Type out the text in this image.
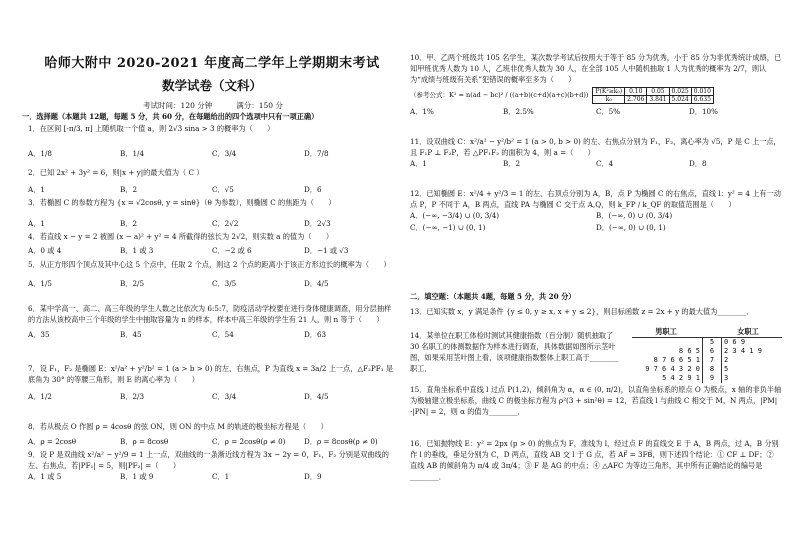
哈师大附中 2020-2021 年度高二学年上学期期末考试
数学试卷（文科）
考试时间：120 分钟	满分：150 分
一．选择题（本题共 12题，每题 5 分，共 60 分，在每题给出的四个选项中只有一项正确）
1．在区间 [-π/3, π] 上随机取一个值 a，则 2√3 sina > 3 的概率为（　　）
A．1/8	B．1/4	C．3/4	D．7/8
2．已知 2x² + 3y² = 6，则|x + y|的最大值为（ C ）
A．1	B．2	C．√5	D．6
3．若椭圆 C 的参数方程为 {x = √2cosθ, y = sinθ}（θ 为参数），则椭圆 C 的焦距为（　　）
A．1	B．2	C．2√2	D．2√3
4．若直线 x − y = 2 被圆 (x − a)² + y² = 4 所截得的弦长为 2√2，则实数 a 的值为（　　）
A．0 或 4	B．1 或 3	C．−2 或 6	D．−1 或 √3
5．从正方形四个顶点及其中心这 5 个点中，任取 2 个点，则这 2 个点的距离小于该正方形边长的概率为（　　）
A．1/5	B．2/5	C．3/5	D．4/5
6．某中学高一、高二、高三年级的学生人数之比依次为 6:5:7，防疫活动学校要在进行身体健康调查，用分层抽样的方法从该校高中三个年级的学生中抽取容量为 n 的样本，样本中高三年级的学生有 21 人，则 n 等于（　　）
A．35	B．45	C．54	D．63
7．设 F₁，F₂ 是椭圆 E：x²/a² + y²/b² = 1 (a > b > 0) 的左、右焦点，P 为直线 x = 3a/2 上一点，△F₂PF₁ 是底角为 30° 的等腰三角形，则 E 的离心率为（　　）
A．1/2	B．2/3	C．3/4	D．4/5
8．若从极点 O 作圆 ρ = 4cosθ 的弦 ON，则 ON 的中点 M 的轨迹的极坐标方程是（　　）
A．ρ = 2cosθ	B．ρ = 8cosθ	C．ρ = 2cosθ(ρ ≠ 0)	D．ρ = 8cosθ(ρ ≠ 0)
9．设 P 是双曲线 x²/a² − y²/9 = 1 上一点，双曲线的一条渐近线方程为 3x − 2y = 0，F₁，F₂ 分别是双曲线的左、右焦点，若|PF₁| = 5，则|PF₂| =（　　）
A．1 或 5	B．1 或 9	C．1	D．9
10．甲、乙两个班级共 105 名学生，某次数学考试后按照大于等于 85 分为优秀，小于 85 分为非优秀统计成绩，已知甲班优秀人数为 10 人，乙班非优秀人数为 30 人，在全部 105 人中随机抽取 1 人为优秀的概率为 2/7，则认为“成绩与班级有关系”犯错误的概率至多为（　　）
（参考公式：K² = n(ad − bc)² / ((a+b)(c+d)(a+c)(b+d)) P(K²≥k₀)	0.10	0.05	0.025	0.010
k₀	2.706	3.841	5.024	6.635
A．1%	B．2.5%	C．5%	D．10%
11．设双曲线 C：x²/a² − y²/b² = 1 (a > 0, b > 0) 的左、右焦点分别为 F₁，F₂，离心率为 √5，P 是 C 上一点，且 F₁P ⊥ F₂P，若 △PF₁F₂ 的面积为 4，则 a =（　　）
A．1	B．2	C．4	D．8
12．已知椭圆 E：x²/4 + y²/3 = 1 的左、右顶点分别为 A，B，点 P 为椭圆 C 的右焦点，直线 l：y² = 4 上有一动点 P，P 不同于 A，B 两点，直线 PA 与椭圆 C 交于点 A,Q，则 k_FP / k_QF 的取值范围是（　　）
A．(−∞, −3/4) ∪ (0, 3/4)	B．(−∞, 0) ∪ (0, 3/4)
C．(−∞, −1) ∪ (0, 1)	D．(−∞, 0) ∪ (0, 1)
二．填空题：（本题共 4题，每题 5 分，共 20 分）
13．已知实数 x，y 满足条件 {y ≤ 0, y ≥ x, x + y ≤ 2}，则目标函数 z = 2x + y 的最大值为________．
14．某单位在职工体检时测试其健康指数（百分制）随机抽取了 30 名职工的体测数据作为样本进行调查，具体数据如图所示茎叶图，如果采用茎叶图上看，该项健康指数整体上职工高于________职工．
男职工	女职工
	5	0 6 9
8 6 5	6	2 3 4 1 9
8 7 6 6 5 1	7	2
9 7 6 4 3 2 0	8	5
5 4 2 9 1	9	3
15．直角坐标系中直线 l 过点 P(1,2)，倾斜角为 α，α ∈ (0, π/2)，以直角坐标系的原点 O 为极点，x 轴的非负半轴为极轴建立极坐标系，曲线 C 的极坐标方程为 ρ²(3 + sin²θ) = 12，若直线 l 与曲线 C 相交于 M，N 两点，|PM|·|PN| = 2，则 α 的值为________．
16．已知抛物线 E：y² = 2px (p > 0) 的焦点为 F，准线为 l，经过点 F 的直线交 E 于 A，B 两点，过 A，B 分别作 l 的垂线，垂足分别为 C，D 两点，直线 AB 交 l 于 G 点，若 AF⃗ = 3FB⃗，则下述四个结论：① CF ⊥ DF；② 直线 AB 的倾斜角为 π/4 或 3π/4；③ F 是 AG 的中点；④ △AFC 为等边三角形，其中所有正确结论的编号是________．
